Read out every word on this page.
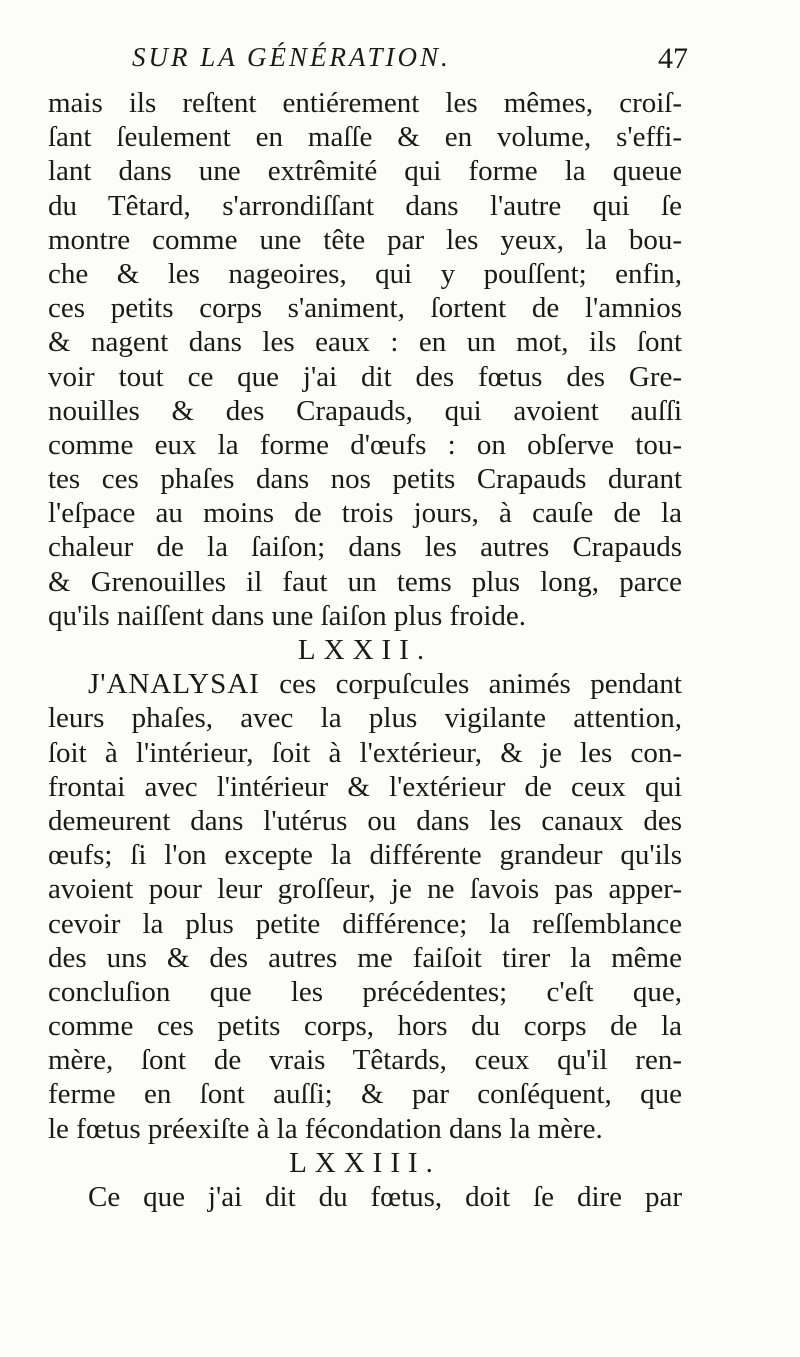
SUR LA GÉNÉRATION.	47
mais ils reſtent entiérement les mêmes, croiſ-
ſant ſeulement en maſſe & en volume, s'effi-
lant dans une extrêmité qui forme la queue
du Têtard, s'arrondiſſant dans l'autre qui ſe
montre comme une tête par les yeux, la bou-
che & les nageoires, qui y pouſſent; enfin,
ces petits corps s'animent, ſortent de l'amnios
& nagent dans les eaux : en un mot, ils ſont
voir tout ce que j'ai dit des fœtus des Gre-
nouilles & des Crapauds, qui avoient auſſi
comme eux la forme d'œufs : on obſerve tou-
tes ces phaſes dans nos petits Crapauds durant
l'eſpace au moins de trois jours, à cauſe de la
chaleur de la ſaiſon; dans les autres Crapauds
& Grenouilles il faut un tems plus long, parce
qu'ils naiſſent dans une ſaiſon plus froide.
LXXII.
J'ANALYSAI ces corpuſcules animés pendant
leurs phaſes, avec la plus vigilante attention,
ſoit à l'intérieur, ſoit à l'extérieur, & je les con-
frontai avec l'intérieur & l'extérieur de ceux qui
demeurent dans l'utérus ou dans les canaux des
œufs; ſi l'on excepte la différente grandeur qu'ils
avoient pour leur groſſeur, je ne ſavois pas apper-
cevoir la plus petite différence; la reſſemblance
des uns & des autres me faiſoit tirer la même
concluſion que les précédentes; c'eſt que,
comme ces petits corps, hors du corps de la
mère, ſont de vrais Têtards, ceux qu'il ren-
ferme en ſont auſſi; & par conſéquent, que
le fœtus préexiſte à la fécondation dans la mère.
LXXIII.
Ce que j'ai dit du fœtus, doit ſe dire par
